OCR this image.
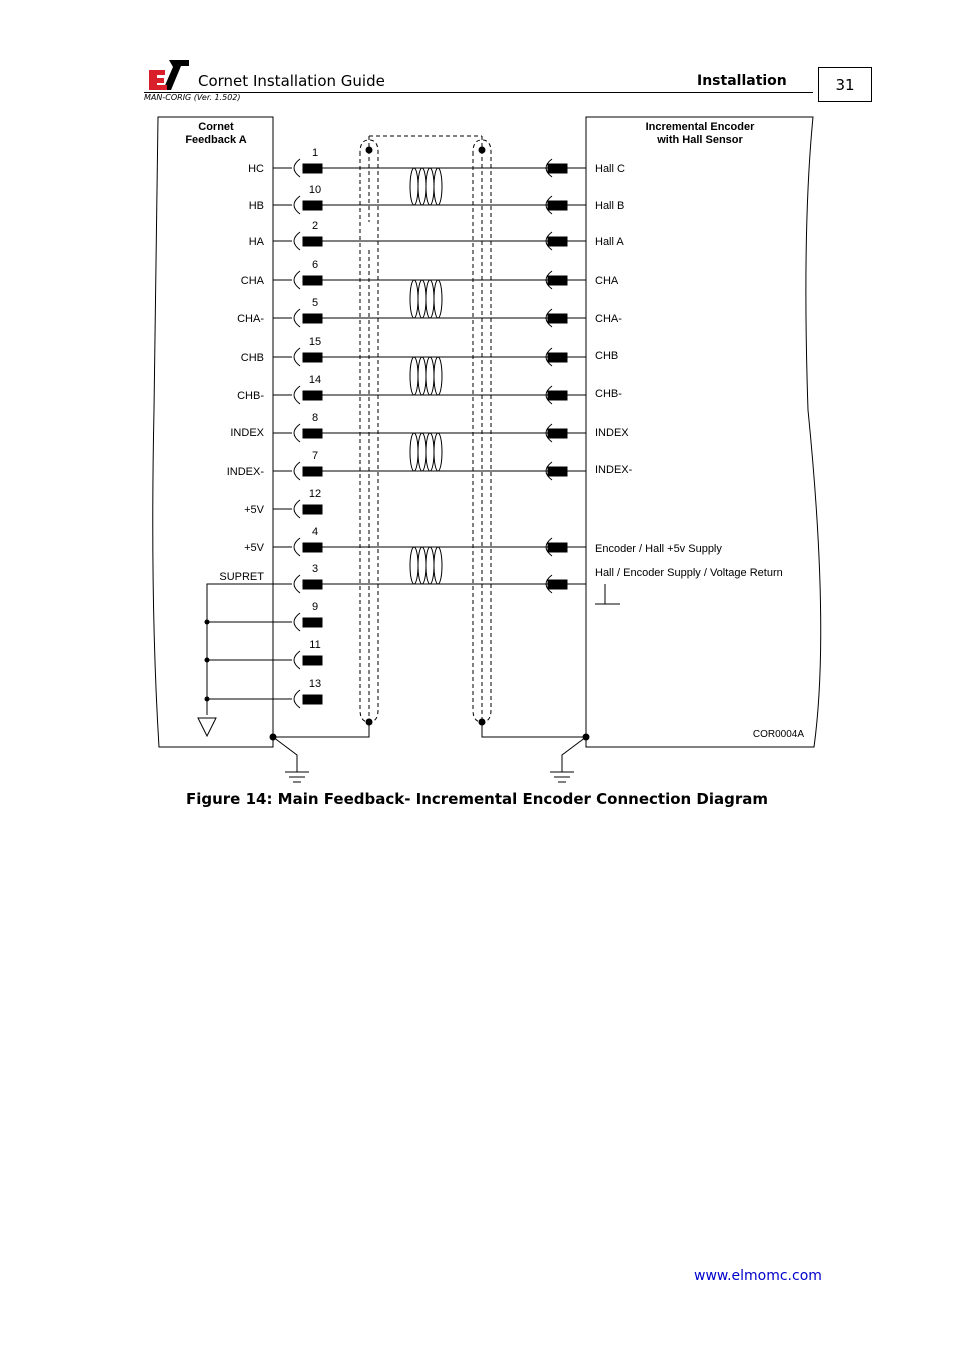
Cornet Installation Guide
MAN-CORIG (Ver. 1.502)
Installation	31
Cornet
Feedback A
Incremental Encoder
with Hall Sensor
COR0004A
1
HC
10
HB
2
HA
6
CHA
5
CHA-
15
CHB
14
CHB-
8
INDEX
7
INDEX-
12
+5V
4
+5V
3
SUPRET
9
11
13
Hall C
Hall B
Hall A
CHA
CHA-
CHB
CHB-
INDEX
INDEX-
Encoder / Hall +5v Supply
Hall / Encoder Supply / Voltage Return
Figure 14: Main Feedback- Incremental Encoder Connection Diagram
www.elmomc.com
